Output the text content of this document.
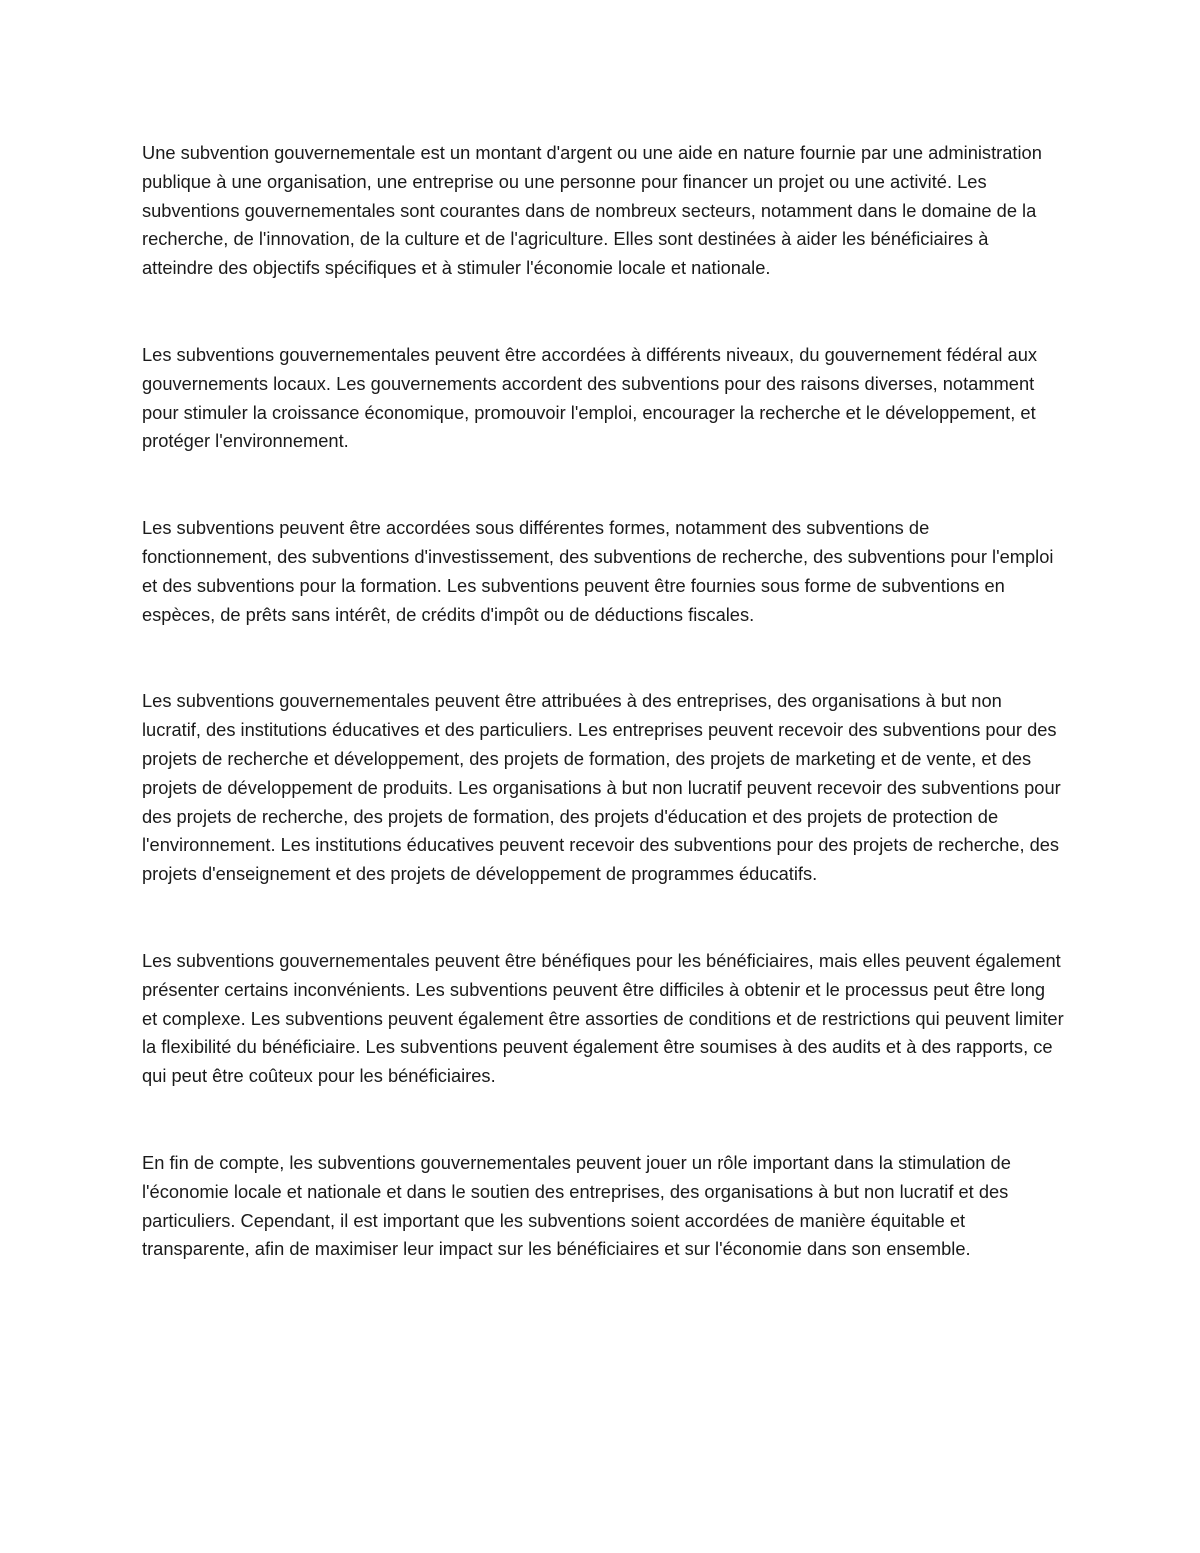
Une subvention gouvernementale est un montant d'argent ou une aide en nature fournie par une administration publique à une organisation, une entreprise ou une personne pour financer un projet ou une activité. Les subventions gouvernementales sont courantes dans de nombreux secteurs, notamment dans le domaine de la recherche, de l'innovation, de la culture et de l'agriculture. Elles sont destinées à aider les bénéficiaires à atteindre des objectifs spécifiques et à stimuler l'économie locale et nationale.

Les subventions gouvernementales peuvent être accordées à différents niveaux, du gouvernement fédéral aux gouvernements locaux. Les gouvernements accordent des subventions pour des raisons diverses, notamment pour stimuler la croissance économique, promouvoir l'emploi, encourager la recherche et le développement, et protéger l'environnement.

Les subventions peuvent être accordées sous différentes formes, notamment des subventions de fonctionnement, des subventions d'investissement, des subventions de recherche, des subventions pour l'emploi et des subventions pour la formation. Les subventions peuvent être fournies sous forme de subventions en espèces, de prêts sans intérêt, de crédits d'impôt ou de déductions fiscales.

Les subventions gouvernementales peuvent être attribuées à des entreprises, des organisations à but non lucratif, des institutions éducatives et des particuliers. Les entreprises peuvent recevoir des subventions pour des projets de recherche et développement, des projets de formation, des projets de marketing et de vente, et des projets de développement de produits. Les organisations à but non lucratif peuvent recevoir des subventions pour des projets de recherche, des projets de formation, des projets d'éducation et des projets de protection de l'environnement. Les institutions éducatives peuvent recevoir des subventions pour des projets de recherche, des projets d'enseignement et des projets de développement de programmes éducatifs.

Les subventions gouvernementales peuvent être bénéfiques pour les bénéficiaires, mais elles peuvent également présenter certains inconvénients. Les subventions peuvent être difficiles à obtenir et le processus peut être long et complexe. Les subventions peuvent également être assorties de conditions et de restrictions qui peuvent limiter la flexibilité du bénéficiaire. Les subventions peuvent également être soumises à des audits et à des rapports, ce qui peut être coûteux pour les bénéficiaires.

En fin de compte, les subventions gouvernementales peuvent jouer un rôle important dans la stimulation de l'économie locale et nationale et dans le soutien des entreprises, des organisations à but non lucratif et des particuliers. Cependant, il est important que les subventions soient accordées de manière équitable et transparente, afin de maximiser leur impact sur les bénéficiaires et sur l'économie dans son ensemble.
